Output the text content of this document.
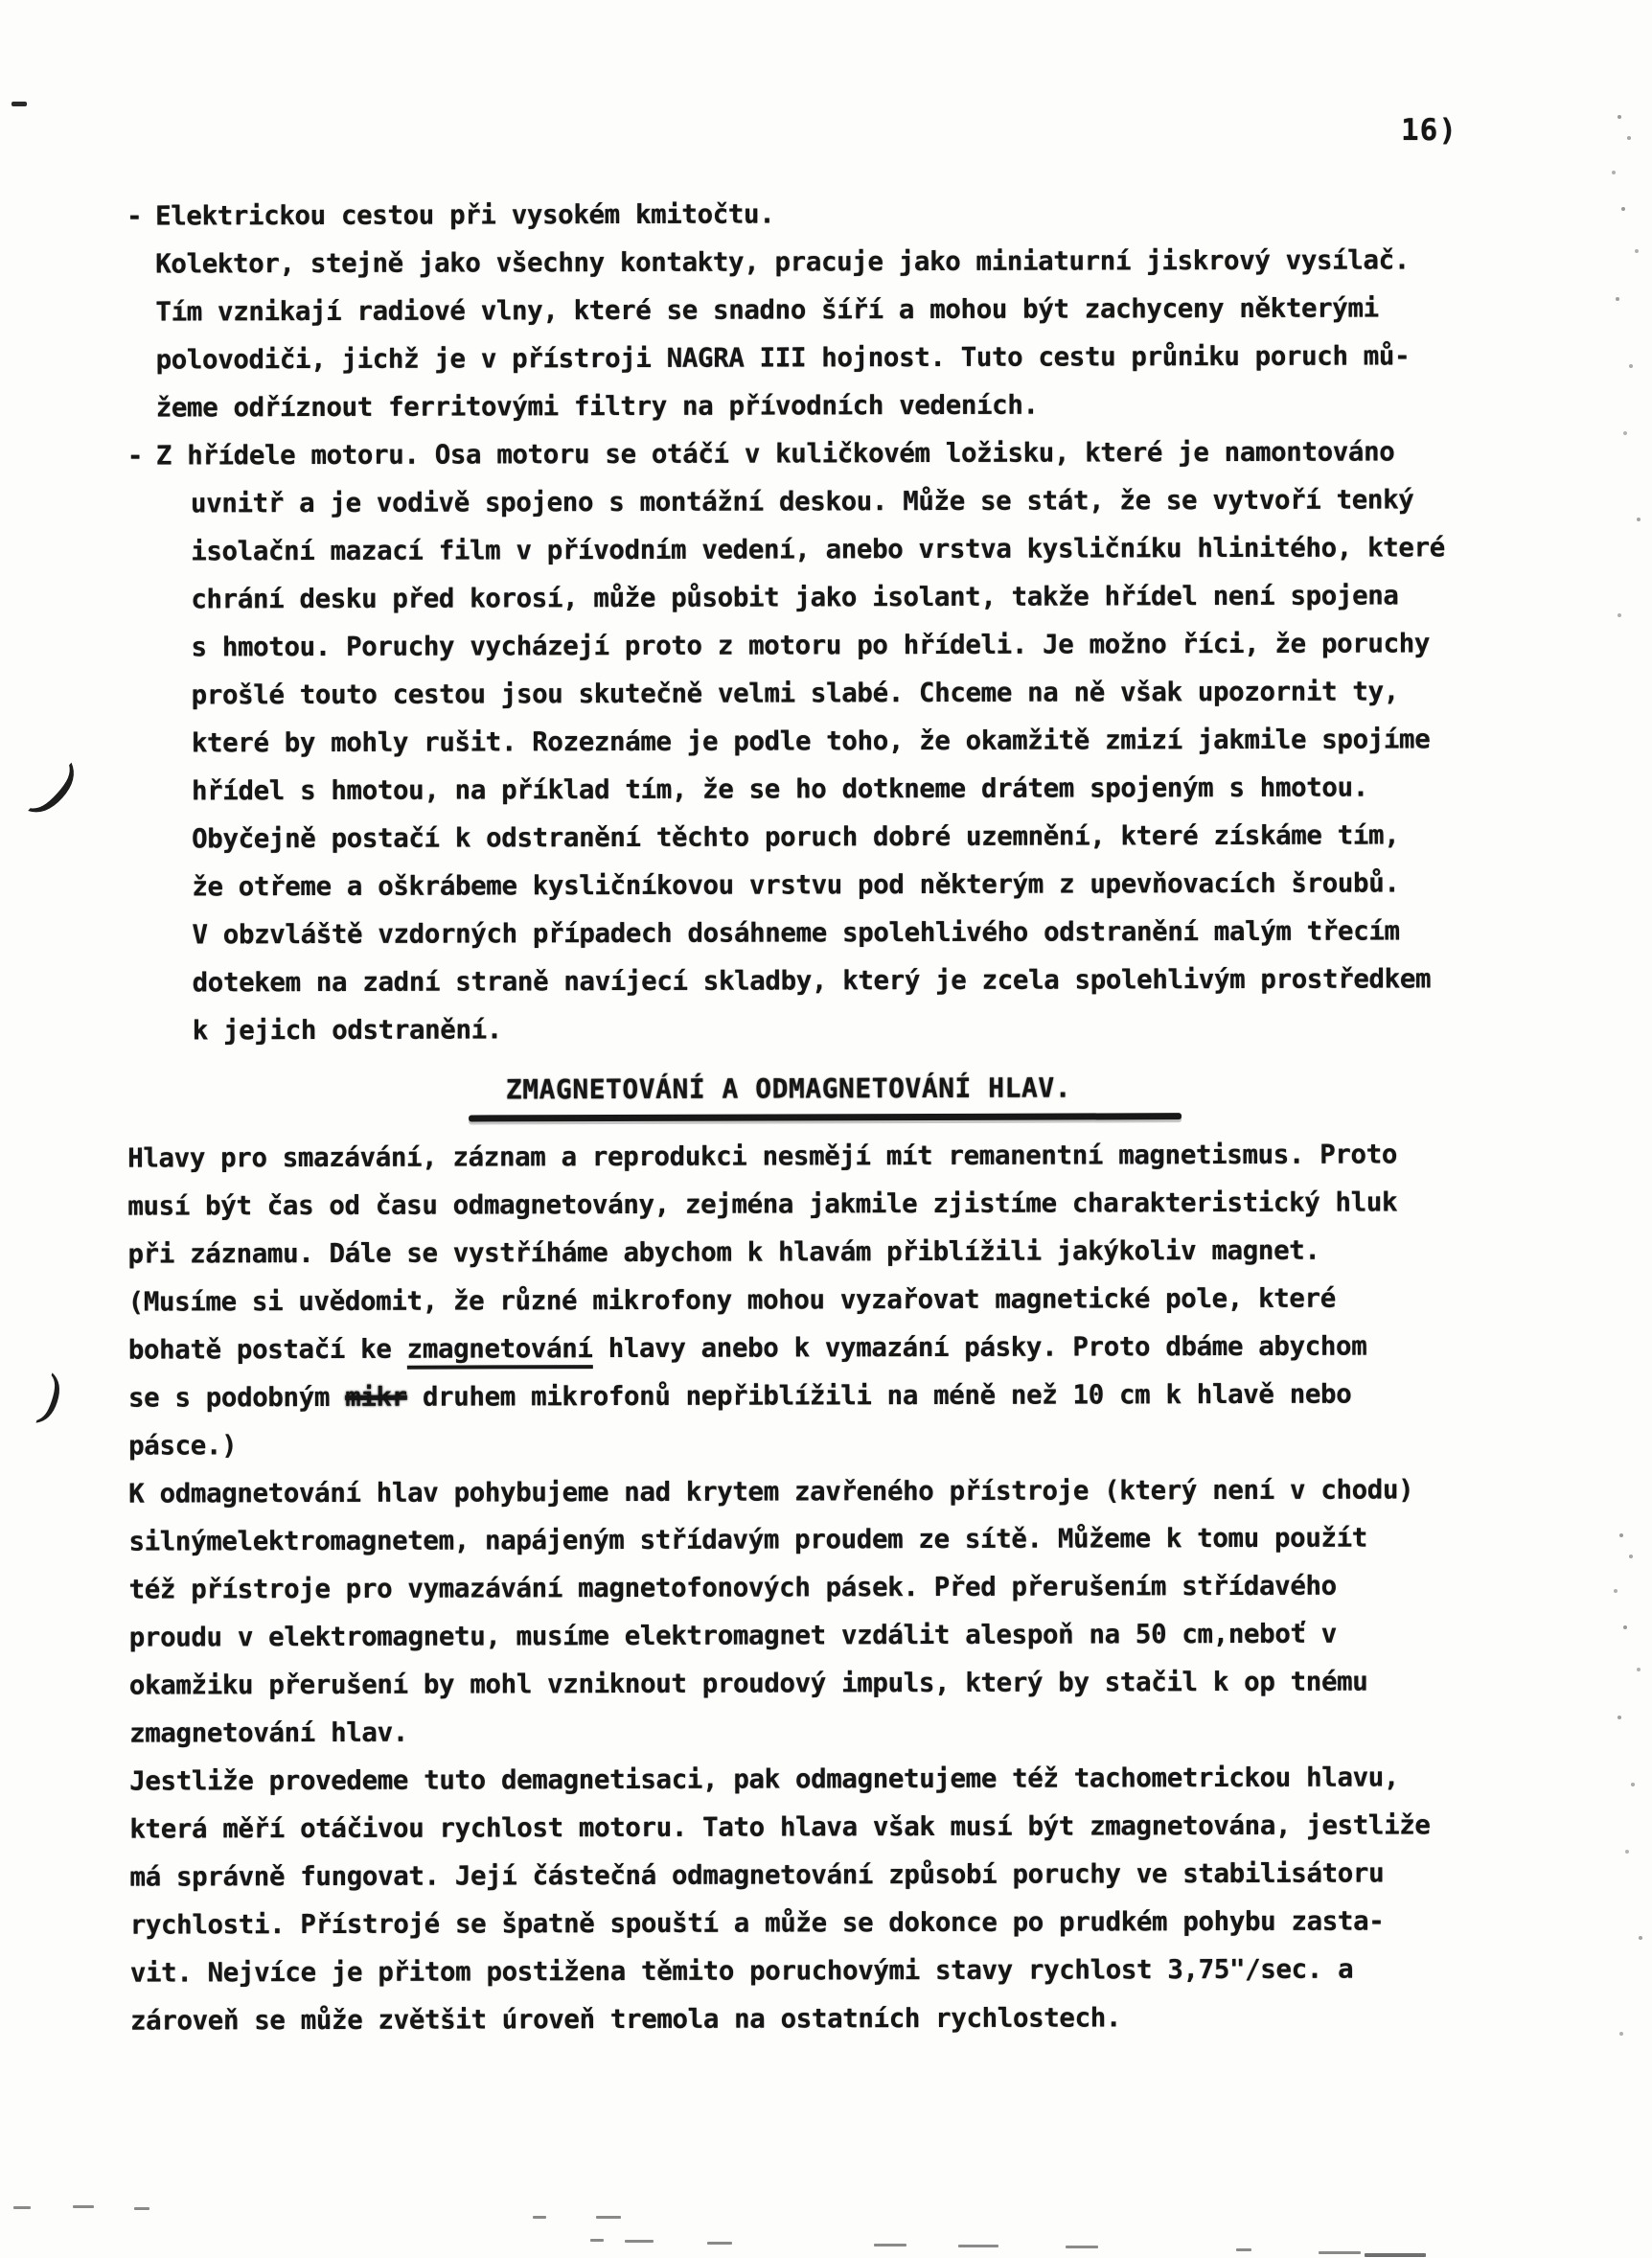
16)
)
)
- Elektrickou cestou při vysokém kmitočtu.
Kolektor, stejně jako všechny kontakty, pracuje jako miniaturní jiskrový vysílač.
Tím vznikají radiové vlny, které se snadno šíří a mohou být zachyceny některými
polovodiči, jichž je v přístroji NAGRA III hojnost. Tuto cestu průniku poruch mů-
žeme odříznout ferritovými filtry na přívodních vedeních.
- Z hřídele motoru. Osa motoru se otáčí v kuličkovém ložisku, které je namontováno
uvnitř a je vodivě spojeno s montážní deskou. Může se stát, že se vytvoří tenký
isolační mazací film v přívodním vedení, anebo vrstva kysličníku hlinitého, které
chrání desku před korosí, může působit jako isolant, takže hřídel není spojena
s hmotou. Poruchy vycházejí proto z motoru po hřídeli. Je možno říci, že poruchy
prošlé touto cestou jsou skutečně velmi slabé. Chceme na ně však upozornit ty,
které by mohly rušit. Rozeznáme je podle toho, že okamžitě zmizí jakmile spojíme
hřídel s hmotou, na příklad tím, že se ho dotkneme drátem spojeným s hmotou.
Obyčejně postačí k odstranění těchto poruch dobré uzemnění, které získáme tím,
že otřeme a oškrábeme kysličníkovou vrstvu pod některým z upevňovacích šroubů.
V obzvláště vzdorných případech dosáhneme spolehlivého odstranění malým třecím
dotekem na zadní straně navíjecí skladby, který je zcela spolehlivým prostředkem
k jejich odstranění.
ZMAGNETOVÁNÍ A ODMAGNETOVÁNÍ HLAV.
Hlavy pro smazávání, záznam a reprodukci nesmějí mít remanentní magnetismus. Proto
musí být čas od času odmagnetovány, zejména jakmile zjistíme charakteristický hluk
při záznamu. Dále se vystříháme abychom k hlavám přiblížili jakýkoliv magnet.
(Musíme si uvědomit, že různé mikrofony mohou vyzařovat magnetické pole, které
bohatě postačí ke zmagnetování hlavy anebo k vymazání pásky. Proto dbáme abychom
se s podobným mikr druhem mikrofonů nepřiblížili na méně než 10 cm k hlavě nebo
pásce.)
K odmagnetování hlav pohybujeme nad krytem zavřeného přístroje (který není v chodu)
silnýmelektromagnetem, napájeným střídavým proudem ze sítě. Můžeme k tomu použít
též přístroje pro vymazávání magnetofonových pásek. Před přerušením střídavého
proudu v elektromagnetu, musíme elektromagnet vzdálit alespoň na 50 cm,neboť v
okamžiku přerušení by mohl vzniknout proudový impuls, který by stačil k op tnému
zmagnetování hlav.
Jestliže provedeme tuto demagnetisaci, pak odmagnetujeme též tachometrickou hlavu,
která měří otáčivou rychlost motoru. Tato hlava však musí být zmagnetována, jestliže
má správně fungovat. Její částečná odmagnetování způsobí poruchy ve stabilisátoru
rychlosti. Přístrojé se špatně spouští a může se dokonce po prudkém pohybu zasta-
vit. Nejvíce je přitom postižena těmito poruchovými stavy rychlost 3,75"/sec. a
zároveň se může zvětšit úroveň tremola na ostatních rychlostech.
